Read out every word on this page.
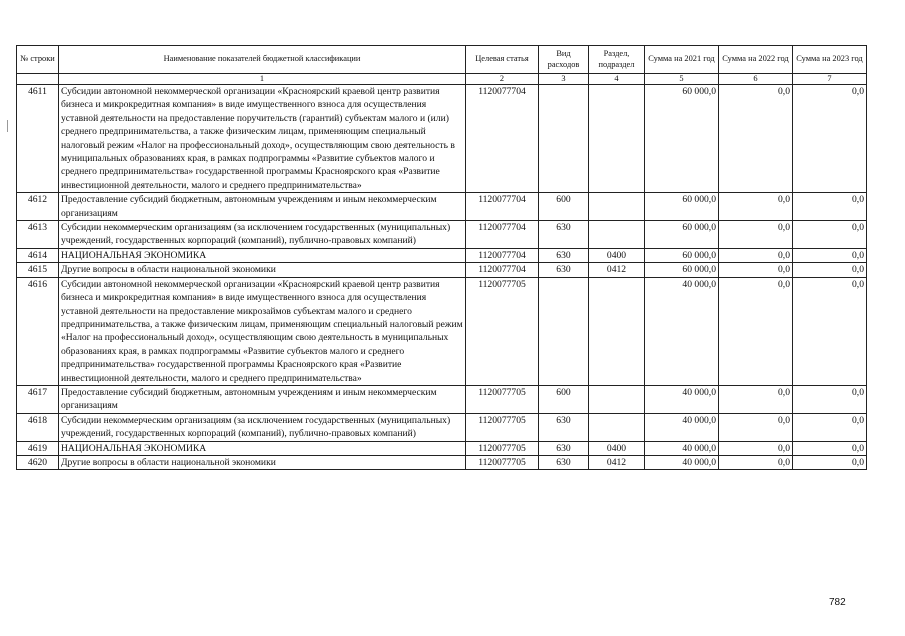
№ строки	Наименование показателей бюджетной классификации	Целевая статья	Вид расходов	Раздел, подраздел	Сумма на 2021 год	Сумма на 2022 год	Сумма на 2023 год
	1	2	3	4	5	6	7
4611	Субсидии автономной некоммерческой организации «Красноярский краевой центр развития бизнеса и микрокредитная компания» в виде имущественного взноса для осуществления уставной деятельности на предоставление поручительств (гарантий) субъектам малого и (или) среднего предпринимательства, а также физическим лицам, применяющим специальный налоговый режим «Налог на профессиональный доход», осуществляющим свою деятельность в муниципальных образованиях края, в рамках подпрограммы «Развитие субъектов малого и среднего предпринимательства» государственной программы Красноярского края «Развитие инвестиционной деятельности, малого и среднего предпринимательства»	1120077704			60 000,0	0,0	0,0
4612	Предоставление субсидий бюджетным, автономным учреждениям и иным некоммерческим организациям	1120077704	600		60 000,0	0,0	0,0
4613	Субсидии некоммерческим организациям (за исключением государственных (муниципальных) учреждений, государственных корпораций (компаний), публично-правовых компаний)	1120077704	630		60 000,0	0,0	0,0
4614	НАЦИОНАЛЬНАЯ ЭКОНОМИКА	1120077704	630	0400	60 000,0	0,0	0,0
4615	Другие вопросы в области национальной экономики	1120077704	630	0412	60 000,0	0,0	0,0
4616	Субсидии автономной некоммерческой организации «Красноярский краевой центр развития бизнеса и микрокредитная компания» в виде имущественного взноса для осуществления уставной деятельности на предоставление микрозаймов субъектам малого и среднего предпринимательства, а также физическим лицам, применяющим специальный налоговый режим «Налог на профессиональный доход», осуществляющим свою деятельность в муниципальных образованиях края, в рамках подпрограммы «Развитие субъектов малого и среднего предпринимательства» государственной программы Красноярского края «Развитие инвестиционной деятельности, малого и среднего предпринимательства»	1120077705			40 000,0	0,0	0,0
4617	Предоставление субсидий бюджетным, автономным учреждениям и иным некоммерческим организациям	1120077705	600		40 000,0	0,0	0,0
4618	Субсидии некоммерческим организациям (за исключением государственных (муниципальных) учреждений, государственных корпораций (компаний), публично-правовых компаний)	1120077705	630		40 000,0	0,0	0,0
4619	НАЦИОНАЛЬНАЯ ЭКОНОМИКА	1120077705	630	0400	40 000,0	0,0	0,0
4620	Другие вопросы в области национальной экономики	1120077705	630	0412	40 000,0	0,0	0,0
782
